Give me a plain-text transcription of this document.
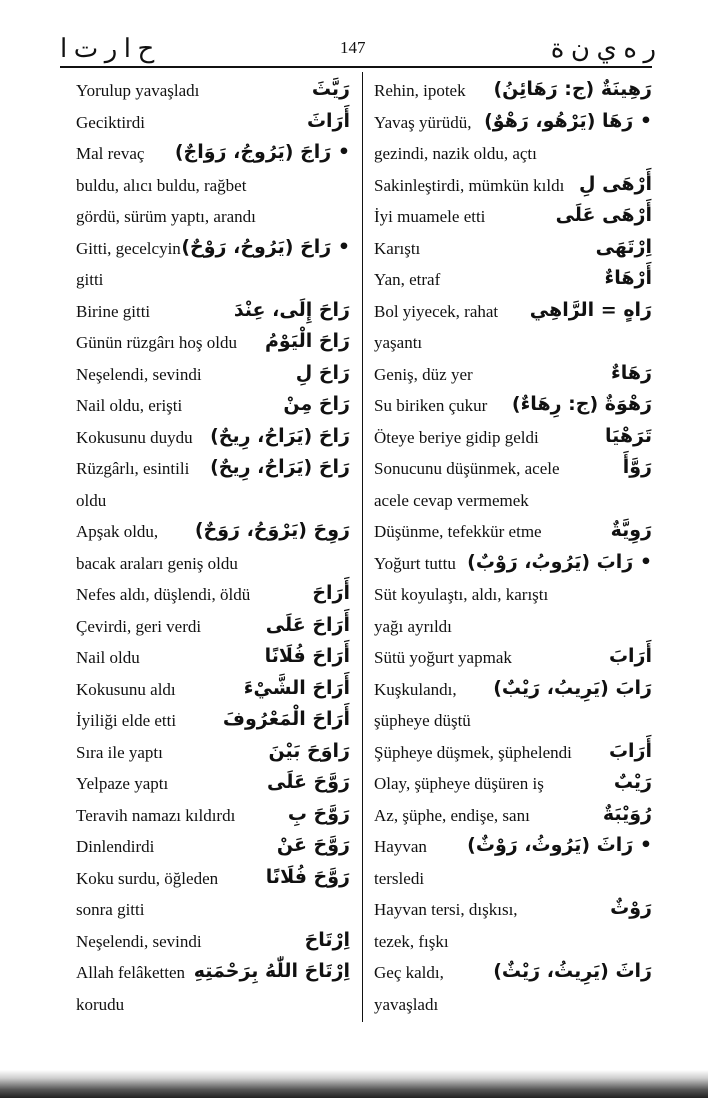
ح ا ر ت ا	147	ر ه ي ن ة
Yorulup yavaşladı	رَيَّثَ
Geciktirdi	أَرَاثَ
Mal revaç • رَاجَ (يَرُوجُ، رَوَاجٌ)
buldu, alıcı buldu, rağbet
gördü, sürüm yaptı, arandı
Gitti, gecelcyin • رَاحَ (يَرُوحُ، رَوْحٌ)
gitti
Birine gitti	رَاحَ إِلَى، عِنْدَ
Günün rüzgârı hoş oldu رَاحَ الْيَوْمُ
Neşelendi, sevindi	رَاحَ لِ
Nail oldu, erişti	رَاحَ مِنْ
Kokusunu duydu رَاحَ (يَرَاحُ، رِيحٌ)
Rüzgârlı, esintili رَاحَ (يَرَاحُ، رِيحٌ)
oldu
Apşak oldu, رَوِحَ (يَرْوَحُ، رَوَحٌ)
bacak araları geniş oldu
Nefes aldı, düşlendi, öldü	أَرَاحَ
Çevirdi, geri verdi	أَرَاحَ عَلَى
Nail oldu	أَرَاحَ فُلَانًا
Kokusunu aldı	أَرَاحَ الشَّيْءَ
İyiliği elde etti أَرَاحَ الْمَعْرُوفَ
Sıra ile yaptı	رَاوَحَ بَيْنَ
Yelpaze yaptı	رَوَّحَ عَلَى
Teravih namazı kıldırdı	رَوَّحَ بِ
Dinlendirdi	رَوَّحَ عَنْ
Koku surdu, öğleden	رَوَّحَ فُلَانًا
sonra gitti
Neşelendi, sevindi	اِرْتَاحَ
Allah felâketten اِرْتَاحَ اللّٰهُ بِرَحْمَتِهِ
korudu
Rehin, ipotek رَهِينَةٌ (ج: رَهَائِنُ)
Yavaş yürüdü, • رَهَا (يَرْهُو، رَهْوٌ)
gezindi, nazik oldu, açtı
Sakinleştirdi, mümkün kıldı أَرْهَى لِ
İyi muamele etti	أَرْهَى عَلَى
Karıştı	اِرْتَهَى
Yan, etraf	أَرْهَاءٌ
Bol yiyecek, rahat رَاهٍ = الرَّاهِي
yaşantı
Geniş, düz yer	رَهَاءٌ
Su biriken çukur رَهْوَةٌ (ج: رِهَاءٌ)
Öteye beriye gidip geldi	تَرَهْيَا
Sonucunu düşünmek, acele	رَوَّأَ
acele cevap vermemek
Düşünme, tefekkür etme	رَوِيَّةٌ
Yoğurt tuttu • رَابَ (يَرُوبُ، رَوْبٌ)
Süt koyulaştı, aldı, karıştı
yağı ayrıldı
Sütü yoğurt yapmak	أَرَابَ
Kuşkulandı, رَابَ (يَرِيبُ، رَيْبٌ)
şüpheye düştü
Şüpheye düşmek, şüphelendi أَرَابَ
Olay, şüpheye düşüren iş	رَيْبٌ
Az, şüphe, endişe, sanı	رُوَيْبَةٌ
Hayvan • رَاثَ (يَرُوثُ، رَوْثٌ)
tersledi
Hayvan tersi, dışkısı,	رَوْثٌ
tezek, fışkı
Geç kaldı,	رَاثَ (يَرِيثُ، رَيْثٌ)
yavaşladı
